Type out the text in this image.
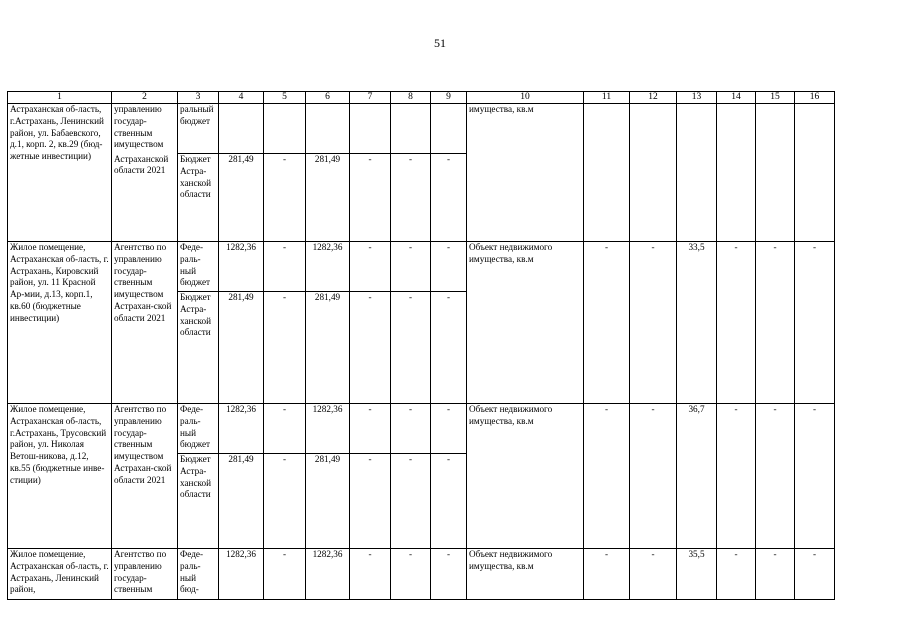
51
1	2	3	4	5	6	7	8	9	10	11	12	13	14	15	16
Астраханская об-ласть, г.Астрахань, Ленинский район, ул. Бабаевского, д.1, корп. 2, кв.29 (бюд-жетные инвестиции)	управлению государ-ственным имуществом	ральный бюджет							имущества, кв.м						
	Астраханской области 2021	Бюджет Астра-ханской области	281,49	-	281,49	-	-	-							
Жилое помещение, Астраханская об-ласть, г. Астрахань, Кировский район, ул. 11 Красной Ар-мии, д.13, корп.1, кв.60 (бюджетные инвестиции)	Агентство по управлению государ-ственным имуществом Астрахан-ской области 2021	Феде-раль-ный бюджет	1282,36	-	1282,36	-	-	-	Объект недвижимого имущества, кв.м	-	-	33,5	-	-	-
		Бюджет Астра-ханской области	281,49	-	281,49	-	-	-							
Жилое помещение, Астраханская об-ласть, г.Астрахань, Трусовский район, ул. Николая Ветош-никова, д.12, кв.55 (бюджетные инве-стиции)	Агентство по управлению государ-ственным имуществом Астрахан-ской области 2021	Феде-раль-ный бюджет	1282,36	-	1282,36	-	-	-	Объект недвижимого имущества, кв.м	-	-	36,7	-	-	-
		Бюджет Астра-ханской области	281,49	-	281,49	-	-	-							
Жилое помещение, Астраханская об-ласть, г. Астрахань, Ленинский район,	Агентство по управлению государ-ственным	Феде-раль-ный бюд-	1282,36	-	1282,36	-	-	-	Объект недвижимого имущества, кв.м	-	-	35,5	-	-	-
